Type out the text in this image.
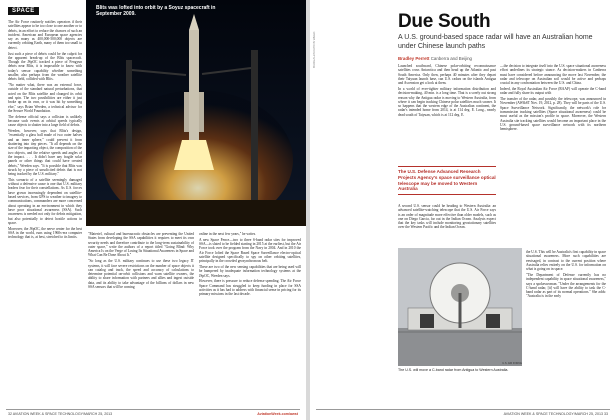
SPACE

The Air Force routinely notifies operators if their satellites appear to be too close to one another or to debris, in an effort to reduce the chances of such an incident. American and European space agencies say as many as 400,000-500,000 objects are currently orbiting Earth, many of them too small to detect.

Just such a piece of debris could be the culprit for the apparent break-up of the Blits spacecraft. Though the JSpOC tracked a piece of Fengyun debris near Blits, it is impossible to know with today's sensor capability whether something smaller, also perhaps from the weather satellite debris field, collided with Blits.

"No matter what, there was an external force, outside of the standard natural perturbations, that acted on the Blits satellite and changed its orbit and spin. The two possibilities are either it just broke up on its own, or it was hit by something else," says Brian Weeden, a technical advisor for the Secure World Foundation.

The defense official says a collision is unlikely because such events at orbital speeds typically cause objects to shatter into a large field of debris.

Weeden, however, says that Blits's design, "essentially a glass ball made of two outer halves and an inner sphere," could prevent it from shattering into tiny pieces. "It all depends on the size of the impacting object, the composition of the two objects, and the relative speeds and angles of the impact. . . . It didn't have any fragile solar panels or other things that could have created debris," Weeden says. "It is possible that Blits was struck by a piece of unsolicited debris that is not being tracked by the U.S. military."

This scenario of a satellite seemingly damaged without a defensive cause is one that U.S. military leaders fear for their constellations. As U.S. forces have grown increasingly dependent on satellite-based services, from GPS to weather to imagery to communications, commanders are more concerned about operating in an environment in which they have poor situational awareness (SSA). Such awareness is needed not only for debris mitigation, but also potentially to detect hostile actions in space.

Moreover, the JSpOC, the nerve center for the best SSA in the world, runs using 1960s-era computer technology that is, at best, stretched to its limits.

Blits was lofted into orbit by a Soyuz spacecraft in September 2009.

"Materiel, cultural and bureaucratic obstacles are preventing the United States from developing the SSA capabilities it requires to meet its own security needs and therefore contribute to the long-term sustainability of outer space," write the authors of a report titled "Going Blind: Why America Is on the Verge of Losing Its Situational Awareness in Space and What Can Be Done About It."

"So long as the U.S. military continues to use these two legacy IT systems, it will face severe restrictions on the number of space objects it can catalog and track, the speed and accuracy of calculations to determine potential on-orbit collisions and warn satellite owners, the ability to share information with partners and allies and ingest outside data, and its ability to take advantage of the billions of dollars in new SSA sensors that will be coming

online in the next few years," he writes.

A new Space Fence—two to three S-band radar sites for improved SSA—is slated to be fielded starting in 2015 at the earliest, but the Air Force took over the program from the Navy in 2004. And in 2010 the Air Force lofted the Space Based Space Surveillance electro-optical satellite designed specifically to spy on other orbiting satellites, principally in the crowded geosynchronous belt.

These are two of the new sensing capabilities that are being used will be hampered by inadequate information technology systems at the JSpOC, Weeden says.

However, there is pressure to reduce defense spending. The Air Force Space Command has struggled to keep funding in place for SSA activities as it has had to address with financial sense in pricing for its primary missions in the last decade.

32 AVIATION WEEK & SPACE TECHNOLOGY/MARCH 25, 2013	AviationWeek.com/awst
BUREAU/AVIATION WEEK
Due South
A U.S. ground-based space radar will have an Australian home under Chinese launch paths
Bradley Perrett Canberra and Beijing

Launched southward, Chinese polar-orbiting reconnaissance satellites cross Antarctica and then head up the Atlantic and past South America. Only then, perhaps 40 minutes after they depart their Taiyuan launch base, can U.S. radars on the islands Antigua and Ascension get a look at them.

In a world of ever-tighter military information distribution and decision-making, 40 min. is a long time. That is a sorely out strong reason why the Antigua radar is moving to Western Australia, from where it can begin tracking Chinese polar satellites much sooner. It so happens that the western edge of the Australian continent, the radar's intended home from 2014, is at 114 deg. E. Long., nearly dead south of Taiyuan, which is at 112 deg. E.

The U.S. Defense Advanced Research Projects Agency's space surveillance optical telescope may be moved to Western Australia

A second U.S. sensor could be heading to Western Australia: an advanced satellite-watching telescope that the U.S. Air Force says is an order of magnitude more effective than older models, such as one on Diego Garcia, far out in the Indian Ocean. Analysts expect that the key tasks will include monitoring geostationary satellites over the Western Pacific and the Indian Ocean.

—the decision to integrate itself into the U.S. space situational awareness effort underlines its strategic stance. As decision-makers in Canberra must have considered before announcing the move last November, the radar and telescope on Australian soil would be active and perhaps crucial in any confrontation between the U.S. and China.

Indeed, the Royal Australian Air Force (RAAF) will operate the C-band radar and fully share its output with

The transfer of the radar, and possibly the telescope, was announced in November (AW&ST Nov. 19, 2012, p. 28). They will be parts of the U.S. Space Surveillance Network. Significantly, the network's role for transmission tracking satellites (Space situational awareness) could be most useful as the mission's profile in space. Moreover, the Western Australia site tracking satellites would become an important place in the U.S. ground-based space surveillance network with its northern hemisphere.

U.S. AIR FORCE
The U.S. will move a C-band radar from Antigua to Western Australia.

the U.S. This will be Australia's first capability in space situational awareness. More such capabilities are envisaged, in contrast to the current position where Australia relies entirely on the U.S. for information on what is going on in space.

"The Department of Defense currently has no independent capability in space situational awareness," says a spokeswoman. "Under the arrangements for the C-band radar, [it] will have the ability to task the C-band radar as part of its normal operations." She adds: "Australia is in the early

AVIATION WEEK & SPACE TECHNOLOGY/MARCH 25, 2013 33
